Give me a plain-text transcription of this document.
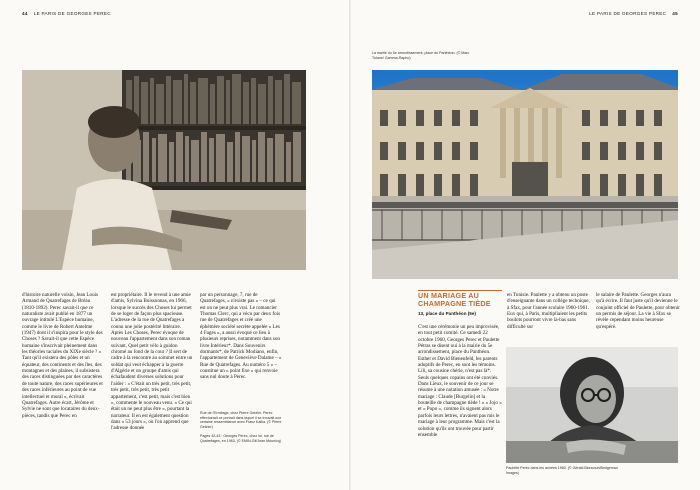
44 LE PARIS DE GEORGES PEREC	LE PARIS DE GEORGES PEREC 45
La mairie du 5e arrondissement, place du Panthéon. (© Marc Tulane/ Gamma-Rapho)
UN MARIAGE AU CHAMPAGNE TIÈDE
13, place du Panthéon (5e)

d'histoire naturelle voisin, Jean Louis Armand de Quatrefages de Bréau (1810-1892). Perec savait-il que ce naturaliste avait publié en 1877 un ouvrage intitulé L'Espèce humaine, comme le livre de Robert Antelme (1947) dont il s'inspira pour le style des Choses ? Savait-il que cette Espèce humaine s'inscrivait pleinement dans les théories raciales du XIXe siècle ? « Tant qu'il existera des pôles et un équateur, des continents et des îles, des montagnes et des plaines, il subsistera des races distinguées par des caractères de toute nature, des races supérieures et des races inférieures au point de vue intellectuel et moral », écrivait Quatrefages. Autre écart, Jérôme et Sylvie ne sont que locataires du deux-pièces, tandis que Perec en

est propriétaire. Il le revend à une amie d'amis, Sylvina Boissonnas, en 1966, lorsque le succès des Choses lui permet de se loger de façon plus spacieuse. L'adresse de la rue de Quatrefages a connu une jolie postérité littéraire. Après Les Choses, Perec évoque de nouveau l'appartement dans son roman suivant, Quel petit vélo à guidon chromé au fond de la cour ? Il sert de cadre à la rencontre au sommet entre un soldat qui veut échapper à la guerre d'Algérie et un groupe d'amis qui échafaudent diverses solutions pour l'aider : « C'était un très petit, très petit, très petit, très petit, très petit appartement, c'est petit, mais c'est bien », commente le nouveau venu. « Ce qui était un ne peut plus être », pourtant la narrateur. Il en est également question dans « 53 jours », où l'on apprend que l'adresse donnée

par un personnage, 7, rue de Quatrefages, « n'existe pas » – ce qui est on ne peut plus vrai. Le romancier Thomas Clerc, qui a vécu par deux fois rue de Quatrefages et créé une éphémère société secrète appelée « Les 4 Fages », a aussi évoqué ce lieu à plusieurs reprises, notamment dans son livre Intérieur*. Dans Souvenirs dormants*, de Patrick Modiano, enfin, l'appartement de Geneviève Dalame – « Rue de Quatrefages. Au numéro 5 » – constitue un « point fixe » qui renvoie sans nul doute à Perec.

C'est une cérémonie un peu improvisée, en tout petit comité. Ce samedi 22 octobre 1960, Georges Perec et Paulette Pétras se disent oui à la mairie du 5e arrondissement, place du Panthéon. Esther et David Bienenfeld, les parents adoptifs de Perec, en sont les témoins. Lili, sa cousine chérie, n'est pas là*. Seuls quelques copains ont été conviés. Dans Lieux, le souvenir de ce jour se résume à une notation amusée : « Notre mariage : Claude [Burgelin] et la bouteille de champagne tiède ! » « Jojo » et « Popo », comme ils signent alors parfois leurs lettres, n'avaient pas mis le mariage à leur programme. Mais c'est la solution qu'ils ont trouvée pour partir ensemble

en Tunisie. Paulette y a obtenu un poste d'enseignante dans un collège technique, à Sfax, pour l'année scolaire 1960-1961. Eux qui, à Paris, multipliaient les petits boulots pourront vivre là-bas sans difficulté sur

le salaire de Paulette. Georges n'aura qu'à écrire. Il faut juste qu'il devienne le conjoint officiel de Paulette, pour obtenir un permis de séjour. La vie à Sfax se révèle cependant moins heureuse qu'espéré.

Rue de l'Ermitage, chez Pierre Getzler. Perec effectuerait ce portrait dans lequel il se trouvait une certaine ressemblance avec Franz Kafka. (© Pierre Getzler)
Pages 42-43 : Georges Perec, chez lui, rue de Quatrefages, en 1963. (© EMIN-Gif/Jean Mounicq)
Paulette Perec dans les années 1960. (© Gérald Bloncourt/Bridgeman Images)
